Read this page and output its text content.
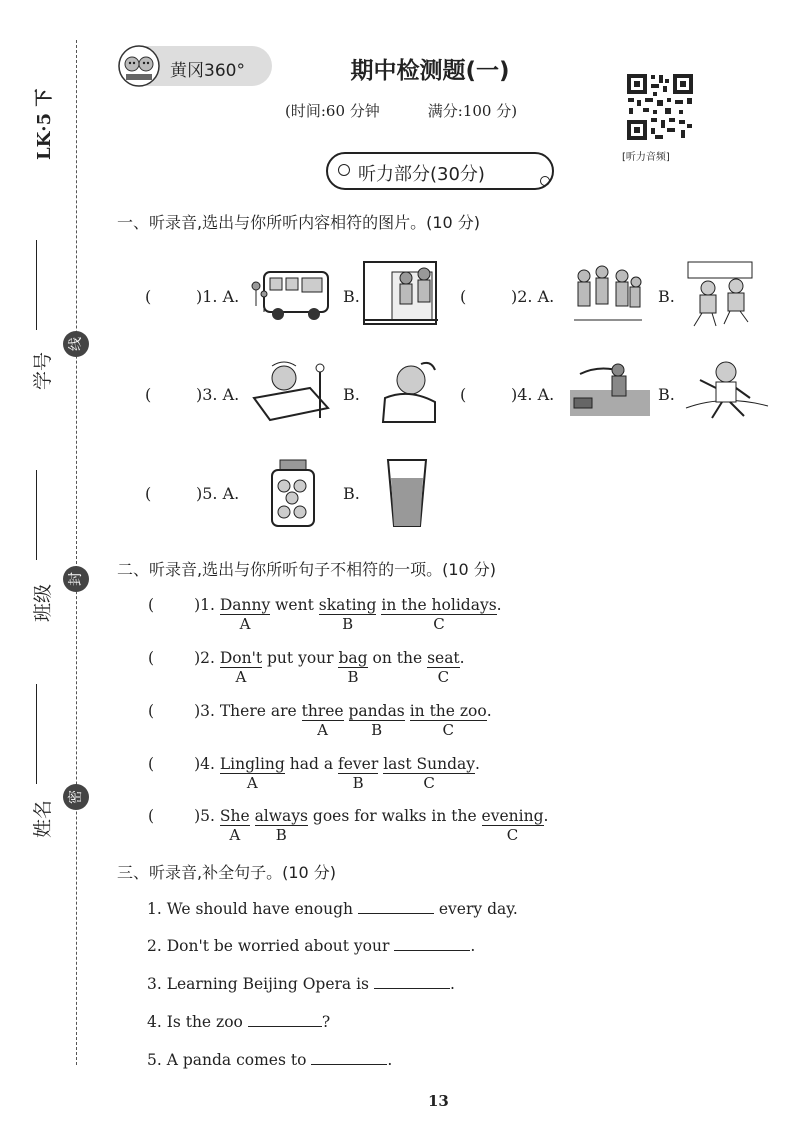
LK·5 下
学号
班级
姓名
线
封
密
黄冈360°	期中检测题(一)
(时间:60 分钟	满分:100 分)
[听力音频]
听力部分(30分)
一、听录音,选出与你所听内容相符的图片。(10 分)
(	)1. A.	B.	(	)2. A.	B.
(	)3. A.	B.	(	)4. A.	B.
(	)5. A.	B.
二、听录音,选出与你所听句子不相符的一项。(10 分)
(	)1. Danny
A
went skating
B
in the holidays
C
.
(	)2. Don't
A
put your bag
B
on the seat
C
.
(	)3. There are three
A
pandas
B
in the zoo
C
.
(	)4. Lingling
A
had a fever
B
last Sunday
C
.
(	)5. She
A
always
B
goes for walks in the evening
C
.
三、听录音,补全句子。(10 分)
1. We should have enough	every day.
2. Don't be worried about your	.
3. Learning Beijing Opera is	.
4. Is the zoo	?
5. A panda comes to	.
13
